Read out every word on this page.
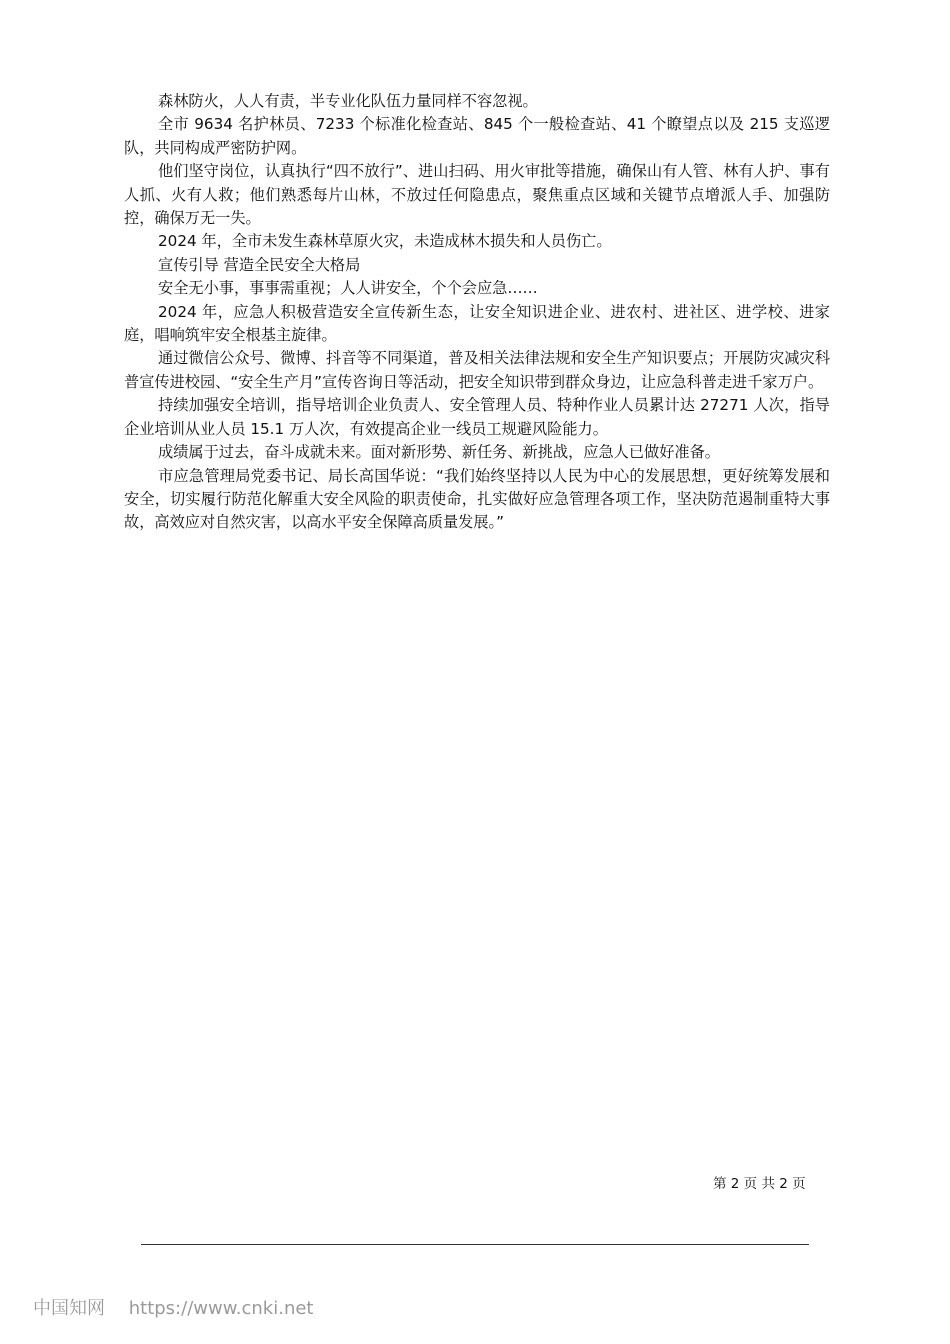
森林防火，人人有责，半专业化队伍力量同样不容忽视。

全市 9634 名护林员、7233 个标准化检查站、845 个一般检查站、41 个瞭望点以及 215 支巡逻队，共同构成严密防护网。

他们坚守岗位，认真执行“四不放行”、进山扫码、用火审批等措施，确保山有人管、林有人护、事有人抓、火有人救；他们熟悉每片山林，不放过任何隐患点，聚焦重点区域和关键节点增派人手、加强防控，确保万无一失。

2024 年，全市未发生森林草原火灾，未造成林木损失和人员伤亡。

宣传引导 营造全民安全大格局

安全无小事，事事需重视；人人讲安全，个个会应急……

2024 年，应急人积极营造安全宣传新生态，让安全知识进企业、进农村、进社区、进学校、进家庭，唱响筑牢安全根基主旋律。

通过微信公众号、微博、抖音等不同渠道，普及相关法律法规和安全生产知识要点；开展防灾减灾科普宣传进校园、“安全生产月”宣传咨询日等活动，把安全知识带到群众身边，让应急科普走进千家万户。

持续加强安全培训，指导培训企业负责人、安全管理人员、特种作业人员累计达 27271 人次，指导企业培训从业人员 15.1 万人次，有效提高企业一线员工规避风险能力。

成绩属于过去，奋斗成就未来。面对新形势、新任务、新挑战，应急人已做好准备。

市应急管理局党委书记、局长高国华说：“我们始终坚持以人民为中心的发展思想，更好统筹发展和安全，切实履行防范化解重大安全风险的职责使命，扎实做好应急管理各项工作，坚决防范遏制重特大事故，高效应对自然灾害，以高水平安全保障高质量发展。”

第 2 页 共 2 页
中国知网 https://www.cnki.net
